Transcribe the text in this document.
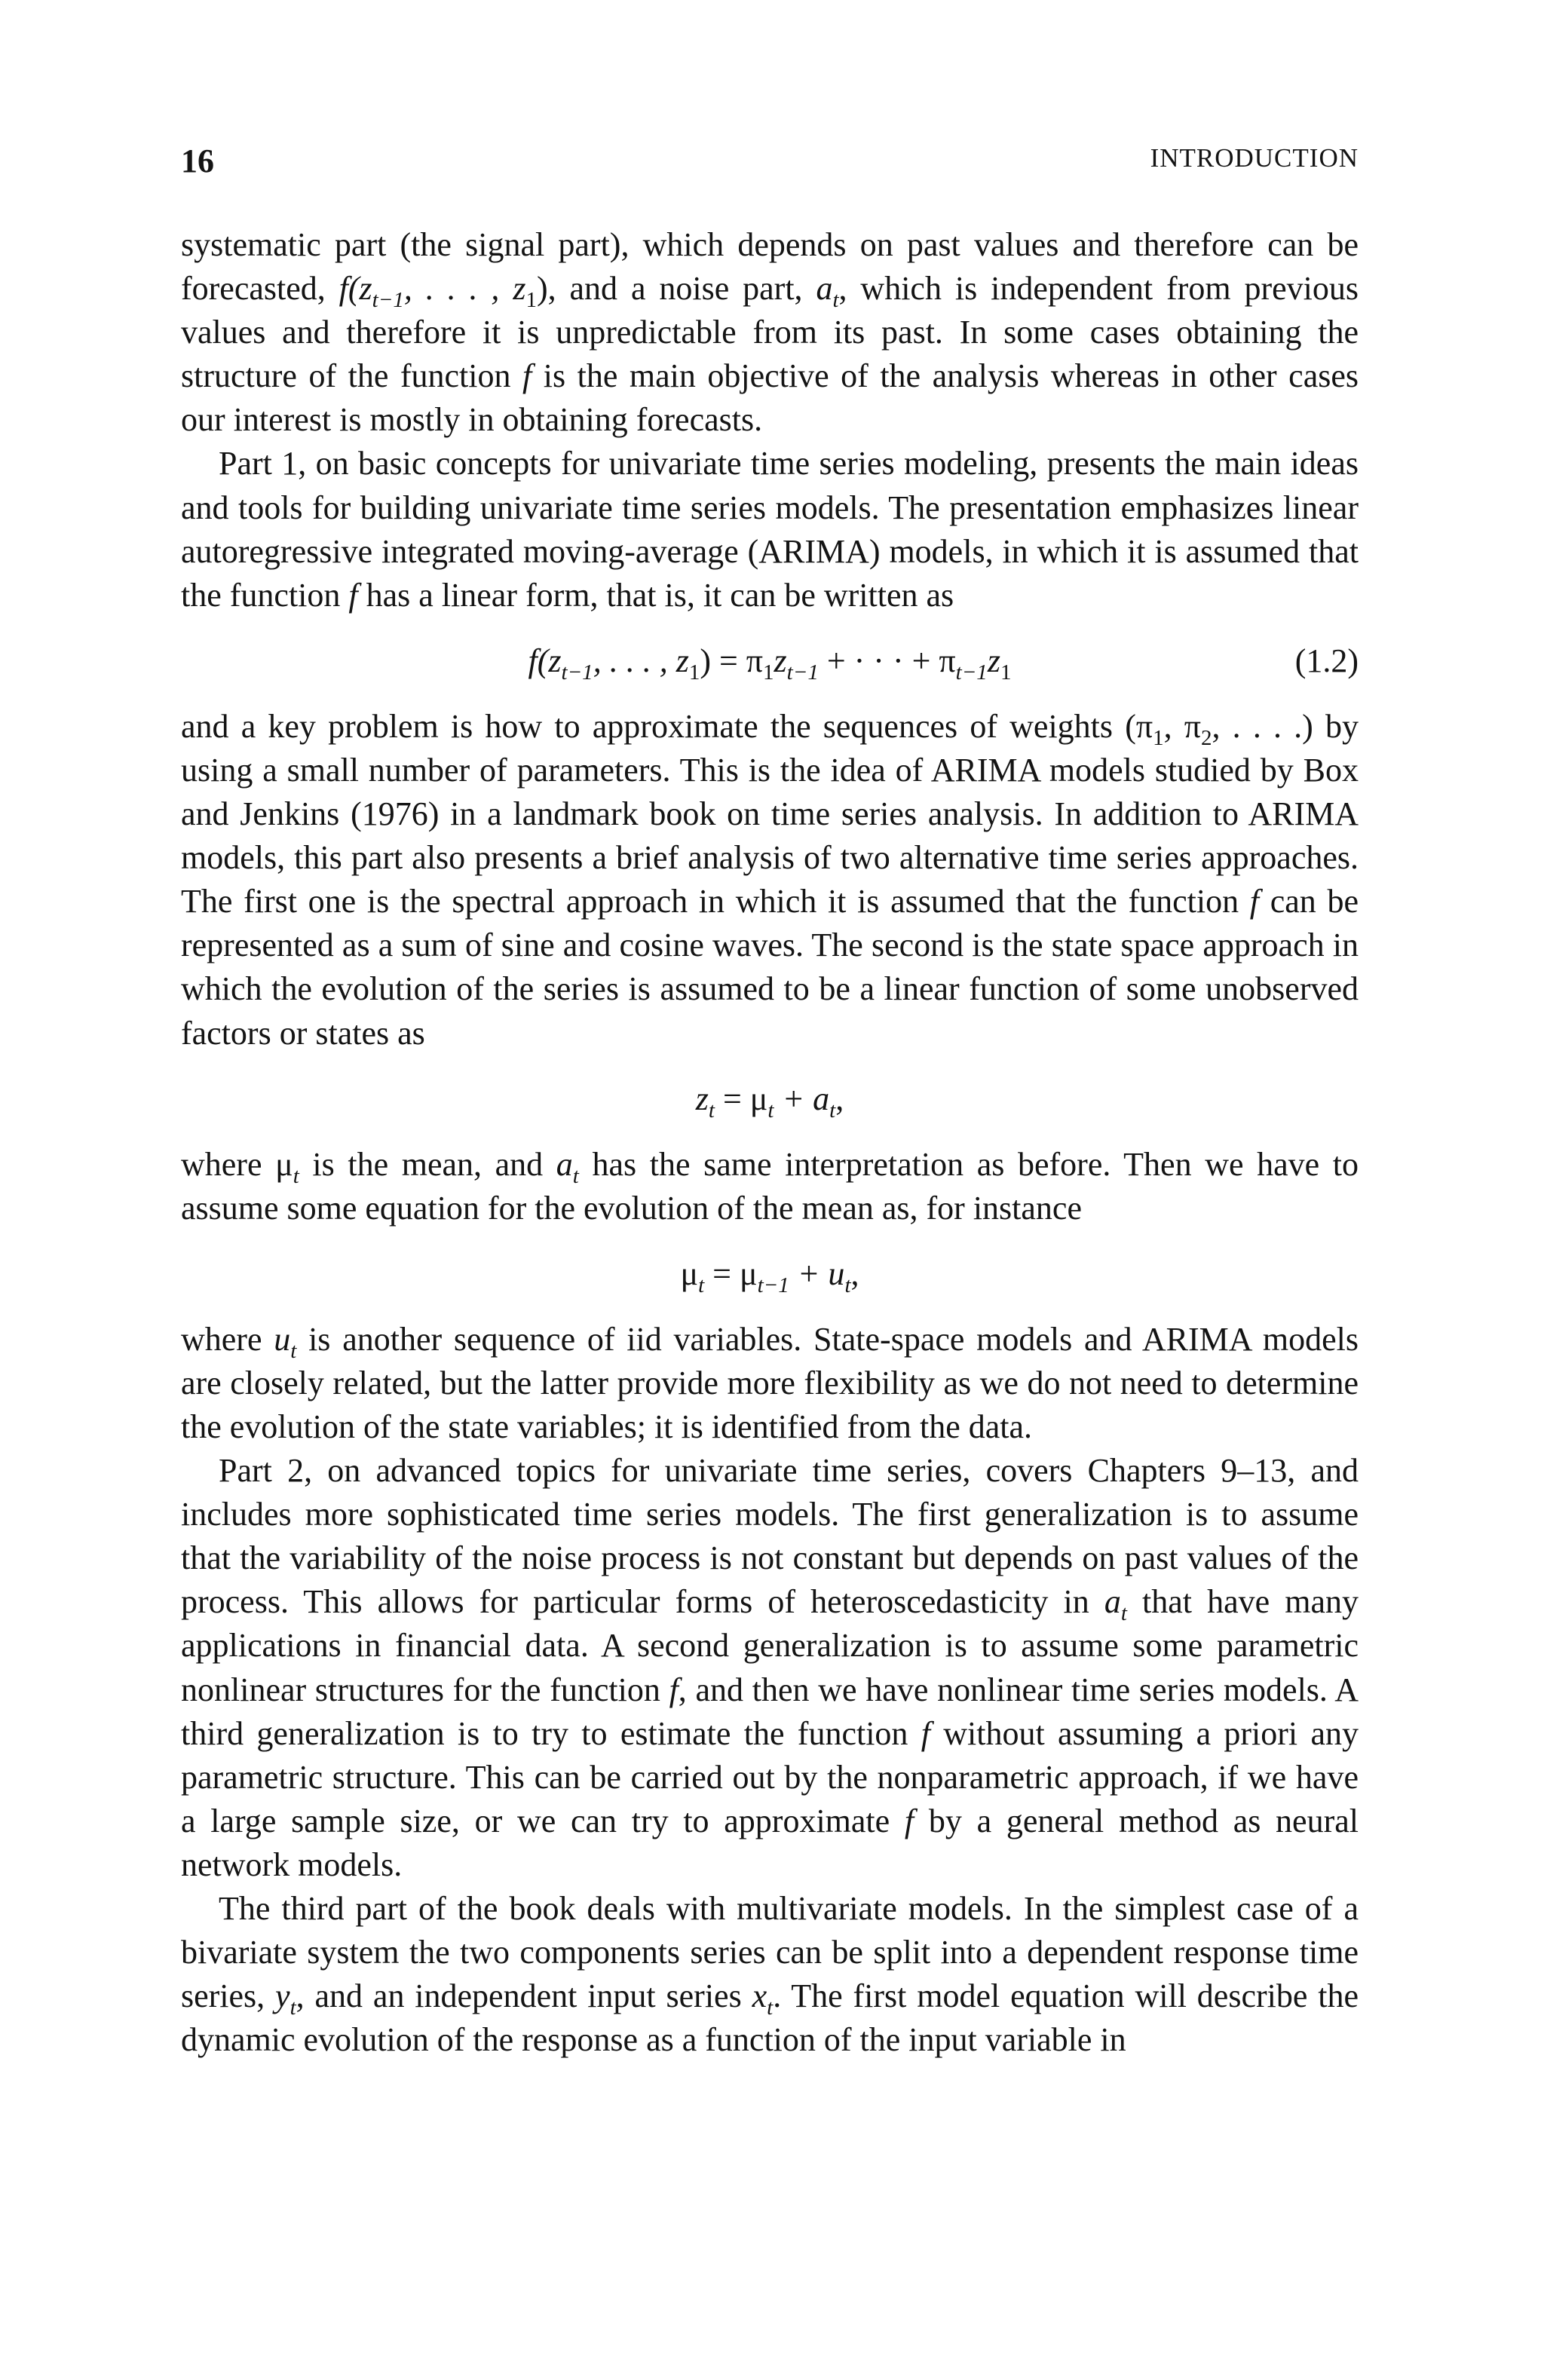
16	INTRODUCTION

systematic part (the signal part), which depends on past values and therefore can be forecasted, $f(z_{t-1}$, . . . , $z_1$), and a noise part, $a_t$, which is independent from previous values and therefore it is unpredictable from its past. In some cases obtaining the structure of the function f is the main objective of the analysis whereas in other cases our interest is mostly in obtaining forecasts.

Part 1, on basic concepts for univariate time series modeling, presents the main ideas and tools for building univariate time series models. The presentation emphasizes linear autoregressive integrated moving-average (ARIMA) models, in which it is assumed that the function f has a linear form, that is, it can be written as

$f(z_{t-1}$, . . . , $z_1) = \pi_1z_{t-1}$ + · · · + $\pi_{t-1}z_1$	(1.2)

and a key problem is how to approximate the sequences of weights ($\pi_1$, $\pi_2$, . . . .) by using a small number of parameters. This is the idea of ARIMA models studied by Box and Jenkins (1976) in a landmark book on time series analysis. In addition to ARIMA models, this part also presents a brief analysis of two alternative time series approaches. The first one is the spectral approach in which it is assumed that the function f can be represented as a sum of sine and cosine waves. The second is the state space approach in which the evolution of the series is assumed to be a linear function of some unobserved factors or states as

$z_t = \mu_t + a_t$,

where $\mu_t$ is the mean, and $a_t$ has the same interpretation as before. Then we have to assume some equation for the evolution of the mean as, for instance

$\mu_t = \mu_{t-1} + u_t$,

where $u_t$ is another sequence of iid variables. State-space models and ARIMA models are closely related, but the latter provide more flexibility as we do not need to determine the evolution of the state variables; it is identified from the data.

Part 2, on advanced topics for univariate time series, covers Chapters 9–13, and includes more sophisticated time series models. The first generalization is to assume that the variability of the noise process is not constant but depends on past values of the process. This allows for particular forms of heteroscedasticity in $a_t$ that have many applications in financial data. A second generalization is to assume some parametric nonlinear structures for the function f, and then we have nonlinear time series models. A third generalization is to try to estimate the function f without assuming a priori any parametric structure. This can be carried out by the nonparametric approach, if we have a large sample size, or we can try to approximate f by a general method as neural network models.

The third part of the book deals with multivariate models. In the simplest case of a bivariate system the two components series can be split into a dependent response time series, $y_t$, and an independent input series $x_t$. The first model equation will describe the dynamic evolution of the response as a function of the input variable in
